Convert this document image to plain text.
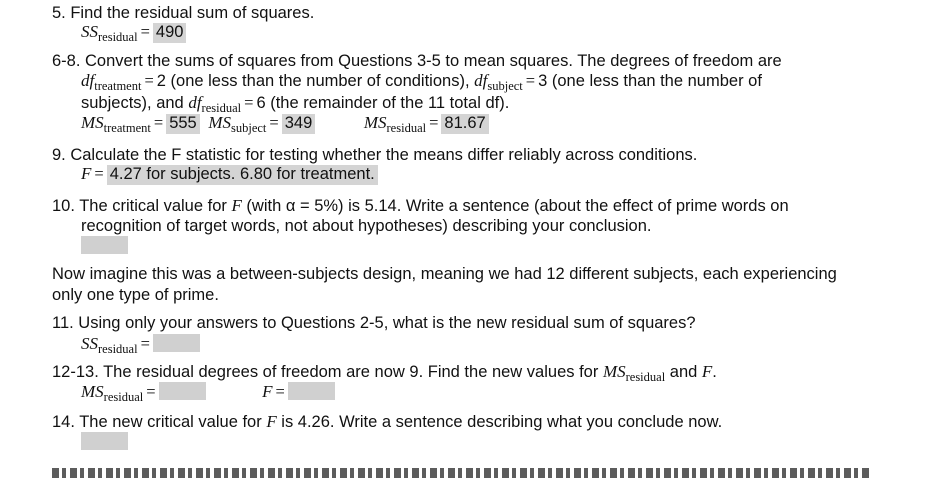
5. Find the residual sum of squares.
$SS_{residual} = 490$
6-8. Convert the sums of squares from Questions 3-5 to mean squares. The degrees of freedom are
$df_{treatment} = 2$ (one less than the number of conditions), $df_{subject} = 3$ (one less than the number of
subjects), and $df_{residual} = 6$ (the remainder of the 11 total df).
$MS_{treatment} = 555$ $MS_{subject} = 349$	$MS_{residual} = 81.67$
9. Calculate the F statistic for testing whether the means differ reliably across conditions.
F = 4.27 for subjects. 6.80 for treatment.
10. The critical value for F (with α = 5%) is 5.14. Write a sentence (about the effect of prime words on
recognition of target words, not about hypotheses) describing your conclusion.
Now imagine this was a between-subjects design, meaning we had 12 different subjects, each experiencing
only one type of prime.
11. Using only your answers to Questions 2-5, what is the new residual sum of squares?
$SS_{residual}$ =
12-13. The residual degrees of freedom are now 9. Find the new values for $MS_{residual}$ and F.
$MS_{residual}$ =	F =
14. The new critical value for F is 4.26. Write a sentence describing what you conclude now.
